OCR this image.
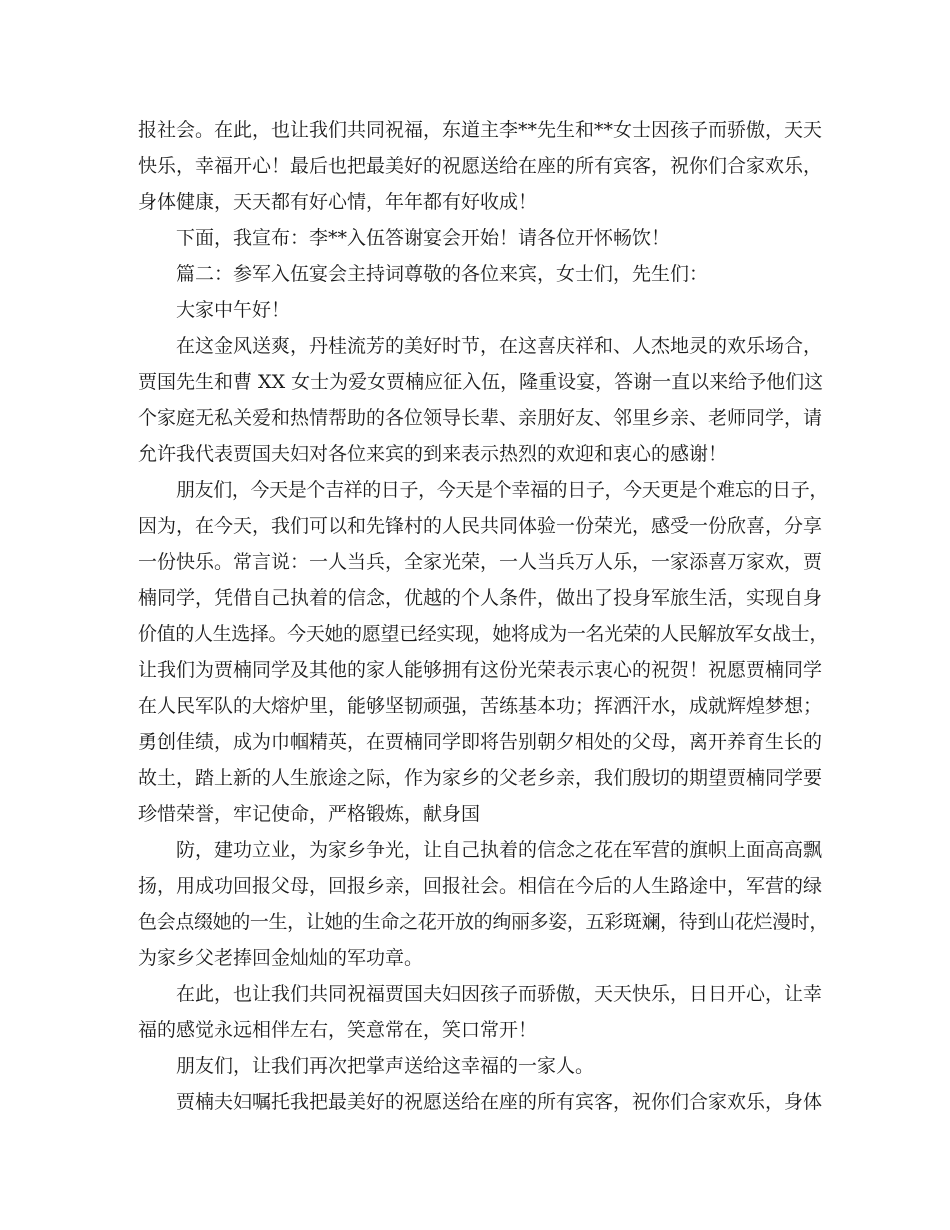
报社会。在此，也让我们共同祝福，东道主李**先生和**女士因孩子而骄傲，天天
快乐，幸福开心！最后也把最美好的祝愿送给在座的所有宾客，祝你们合家欢乐，
身体健康，天天都有好心情，年年都有好收成！
下面，我宣布：李**入伍答谢宴会开始！请各位开怀畅饮！
篇二：参军入伍宴会主持词尊敬的各位来宾，女士们，先生们：
大家中午好！
在这金风送爽，丹桂流芳的美好时节，在这喜庆祥和、人杰地灵的欢乐场合，
贾国先生和曹 XX 女士为爱女贾楠应征入伍，隆重设宴，答谢一直以来给予他们这
个家庭无私关爱和热情帮助的各位领导长辈、亲朋好友、邻里乡亲、老师同学，请
允许我代表贾国夫妇对各位来宾的到来表示热烈的欢迎和衷心的感谢！
朋友们，今天是个吉祥的日子，今天是个幸福的日子，今天更是个难忘的日子，
因为，在今天，我们可以和先锋村的人民共同体验一份荣光，感受一份欣喜，分享
一份快乐。常言说：一人当兵，全家光荣，一人当兵万人乐，一家添喜万家欢，贾
楠同学，凭借自己执着的信念，优越的个人条件，做出了投身军旅生活，实现自身
价值的人生选择。今天她的愿望已经实现，她将成为一名光荣的人民解放军女战士，
让我们为贾楠同学及其他的家人能够拥有这份光荣表示衷心的祝贺！祝愿贾楠同学
在人民军队的大熔炉里，能够坚韧顽强，苦练基本功；挥洒汗水，成就辉煌梦想；
勇创佳绩，成为巾帼精英，在贾楠同学即将告别朝夕相处的父母，离开养育生长的
故土，踏上新的人生旅途之际，作为家乡的父老乡亲，我们殷切的期望贾楠同学要
珍惜荣誉，牢记使命，严格锻炼，献身国
防，建功立业，为家乡争光，让自己执着的信念之花在军营的旗帜上面高高飘
扬，用成功回报父母，回报乡亲，回报社会。相信在今后的人生路途中，军营的绿
色会点缀她的一生，让她的生命之花开放的绚丽多姿，五彩斑斓，待到山花烂漫时，
为家乡父老捧回金灿灿的军功章。
在此，也让我们共同祝福贾国夫妇因孩子而骄傲，天天快乐，日日开心，让幸
福的感觉永远相伴左右，笑意常在，笑口常开！
朋友们，让我们再次把掌声送给这幸福的一家人。
贾楠夫妇嘱托我把最美好的祝愿送给在座的所有宾客，祝你们合家欢乐，身体
